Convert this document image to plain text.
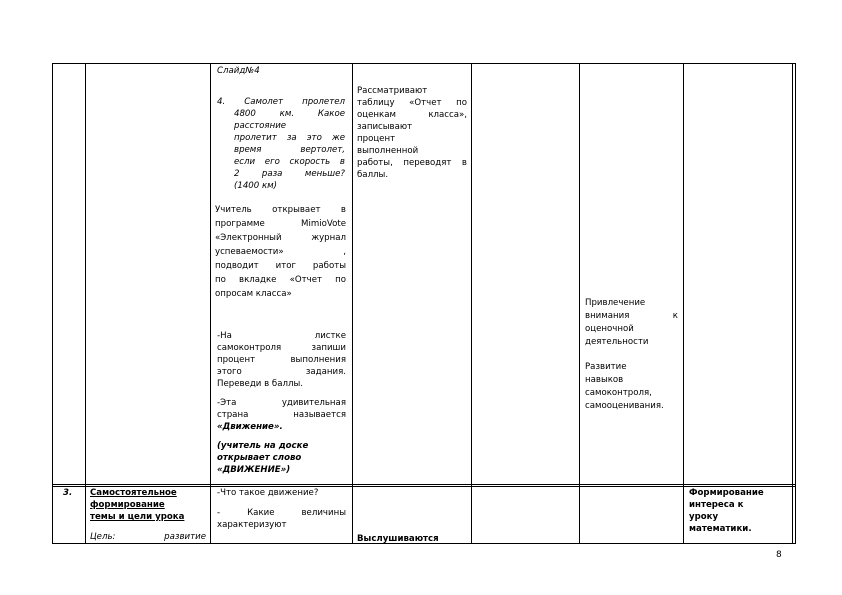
Слайд№4
4. Самолет пролетел
4800 км. Какое
расстояние
пролетит за это же
время вертолет,
если его скорость в
2 раза меньше?
(1400 км)
Учитель открывает в
программе MimioVote
«Электронный журнал
успеваемости» ,
подводит итог работы
по вкладке «Отчет по
опросам класса»
-На листке
самоконтроля запиши
процент выполнения
этого задания.
Переведи в баллы.
-Эта удивительная
страна называется
«Движение».
(учитель на доске
открывает слово
«ДВИЖЕНИЕ»)
Рассматривают
таблицу «Отчет по
оценкам класса»,
записывают
процент
выполненной
работы, переводят в
баллы.
Привлечение
внимания к
оценочной
деятельности
Развитие
навыков
самоконтроля,
самооценивания.
3.	Самостоятельное
формирование
темы и цели урока
Цель: развитие
-Что такое движение?
- Какие величины
характеризуют
Выслушиваются
Формирование
интереса к
уроку
математики.
8
